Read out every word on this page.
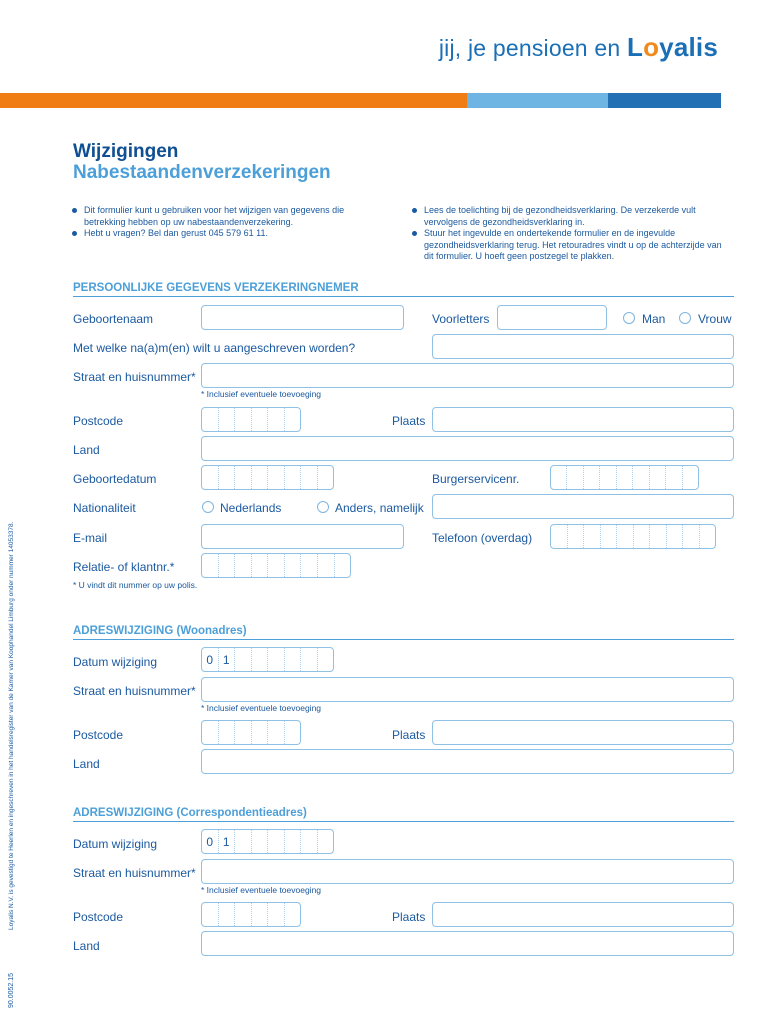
jij, je pensioen en Loyalis
Wijzigingen
Nabestaandenverzekeringen
Dit formulier kunt u gebruiken voor het wijzigen van gegevens die betrekking hebben op uw nabestaandenverzekering.
Hebt u vragen? Bel dan gerust 045 579 61 11.
Lees de toelichting bij de gezondheidsverklaring. De verzekerde vult vervolgens de gezondheidsverklaring in.
Stuur het ingevulde en ondertekende formulier en de ingevulde gezondheidsverklaring terug. Het retouradres vindt u op de achterzijde van dit formulier. U hoeft geen postzegel te plakken.
PERSOONLIJKE GEGEVENS VERZEKERINGNEMER
Geboortenaam	Voorletters	Man	Vrouw
Met welke na(a)m(en) wilt u aangeschreven worden?
Straat en huisnummer*
* Inclusief eventuele toevoeging
Postcode	Plaats
Land
Geboortedatum	Burgerservicenr.
Nationaliteit	Nederlands	Anders, namelijk
E-mail	Telefoon (overdag)
Relatie- of klantnr.*
* U vindt dit nummer op uw polis.
ADRESWIJZIGING (Woonadres)
Datum wijziging	0 1
Straat en huisnummer*
* Inclusief eventuele toevoeging
Postcode	Plaats
Land
ADRESWIJZIGING (Correspondentieadres)
Datum wijziging	0 1
Straat en huisnummer*
* Inclusief eventuele toevoeging
Postcode	Plaats
Land
Loyalis N.V. is gevestigd te Heerlen en ingeschreven in het handelsregister van de Kamer van Koophandel Limburg onder nummer 14053378.
90.0052.15
